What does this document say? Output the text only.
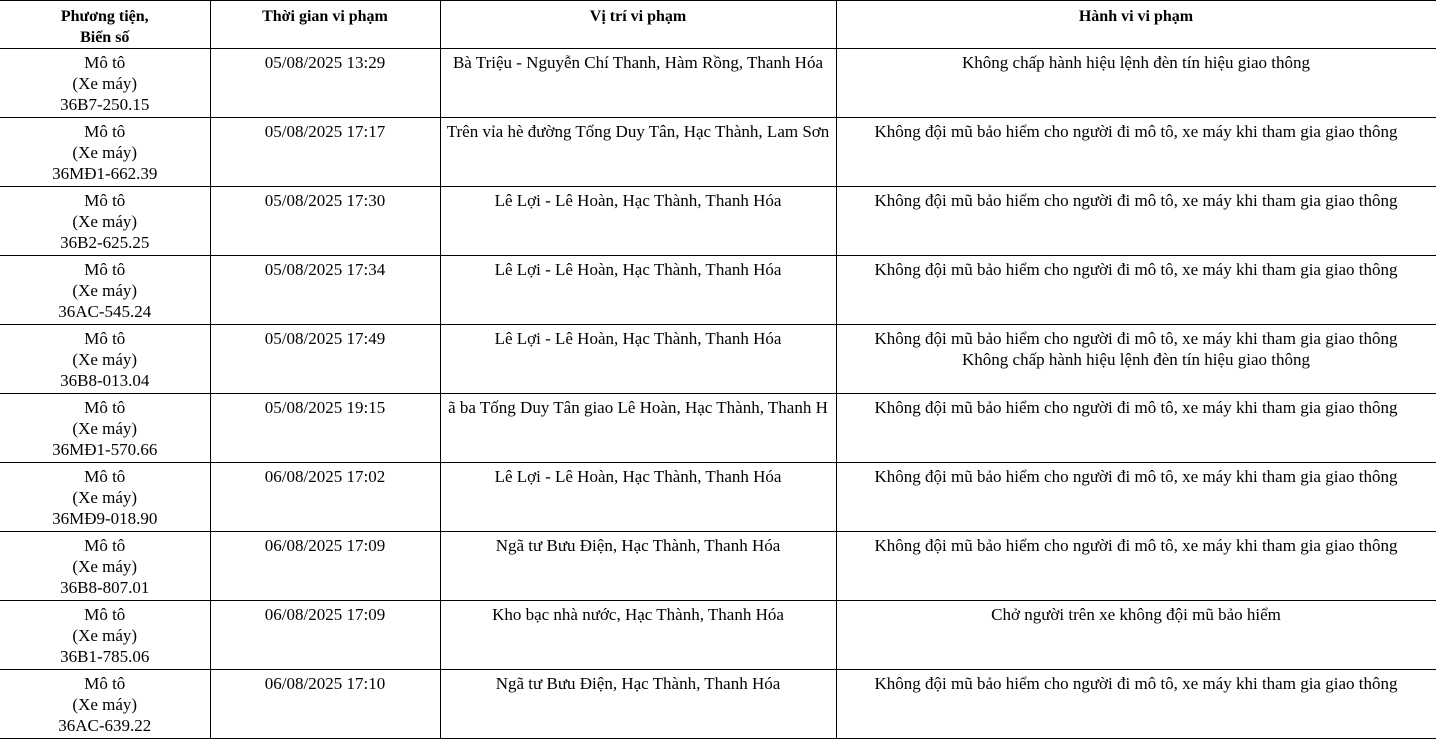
Phương tiện,
Biển số	Thời gian vi phạm	Vị trí vi phạm	Hành vi vi phạm

Mô tô
(Xe máy)
36B7-250.15	05/08/2025 13:29	Bà Triệu - Nguyễn Chí Thanh, Hàm Rồng, Thanh Hóa	Không chấp hành hiệu lệnh đèn tín hiệu giao thông

Mô tô
(Xe máy)
36MĐ1-662.39	05/08/2025 17:17	Trên vỉa hè đường Tống Duy Tân, Hạc Thành, Lam Sơn	Không đội mũ bảo hiểm cho người đi mô tô, xe máy khi tham gia giao thông

Mô tô
(Xe máy)
36B2-625.25	05/08/2025 17:30	Lê Lợi - Lê Hoàn, Hạc Thành, Thanh Hóa	Không đội mũ bảo hiểm cho người đi mô tô, xe máy khi tham gia giao thông

Mô tô
(Xe máy)
36AC-545.24	05/08/2025 17:34	Lê Lợi - Lê Hoàn, Hạc Thành, Thanh Hóa	Không đội mũ bảo hiểm cho người đi mô tô, xe máy khi tham gia giao thông

Mô tô
(Xe máy)
36B8-013.04	05/08/2025 17:49	Lê Lợi - Lê Hoàn, Hạc Thành, Thanh Hóa	Không đội mũ bảo hiểm cho người đi mô tô, xe máy khi tham gia giao thông
Không chấp hành hiệu lệnh đèn tín hiệu giao thông

Mô tô
(Xe máy)
36MĐ1-570.66	05/08/2025 19:15	ã ba Tống Duy Tân giao Lê Hoàn, Hạc Thành, Thanh H	Không đội mũ bảo hiểm cho người đi mô tô, xe máy khi tham gia giao thông

Mô tô
(Xe máy)
36MĐ9-018.90	06/08/2025 17:02	Lê Lợi - Lê Hoàn, Hạc Thành, Thanh Hóa	Không đội mũ bảo hiểm cho người đi mô tô, xe máy khi tham gia giao thông

Mô tô
(Xe máy)
36B8-807.01	06/08/2025 17:09	Ngã tư Bưu Điện, Hạc Thành, Thanh Hóa	Không đội mũ bảo hiểm cho người đi mô tô, xe máy khi tham gia giao thông

Mô tô
(Xe máy)
36B1-785.06	06/08/2025 17:09	Kho bạc nhà nước, Hạc Thành, Thanh Hóa	Chở người trên xe không đội mũ bảo hiểm

Mô tô
(Xe máy)
36AC-639.22	06/08/2025 17:10	Ngã tư Bưu Điện, Hạc Thành, Thanh Hóa	Không đội mũ bảo hiểm cho người đi mô tô, xe máy khi tham gia giao thông
